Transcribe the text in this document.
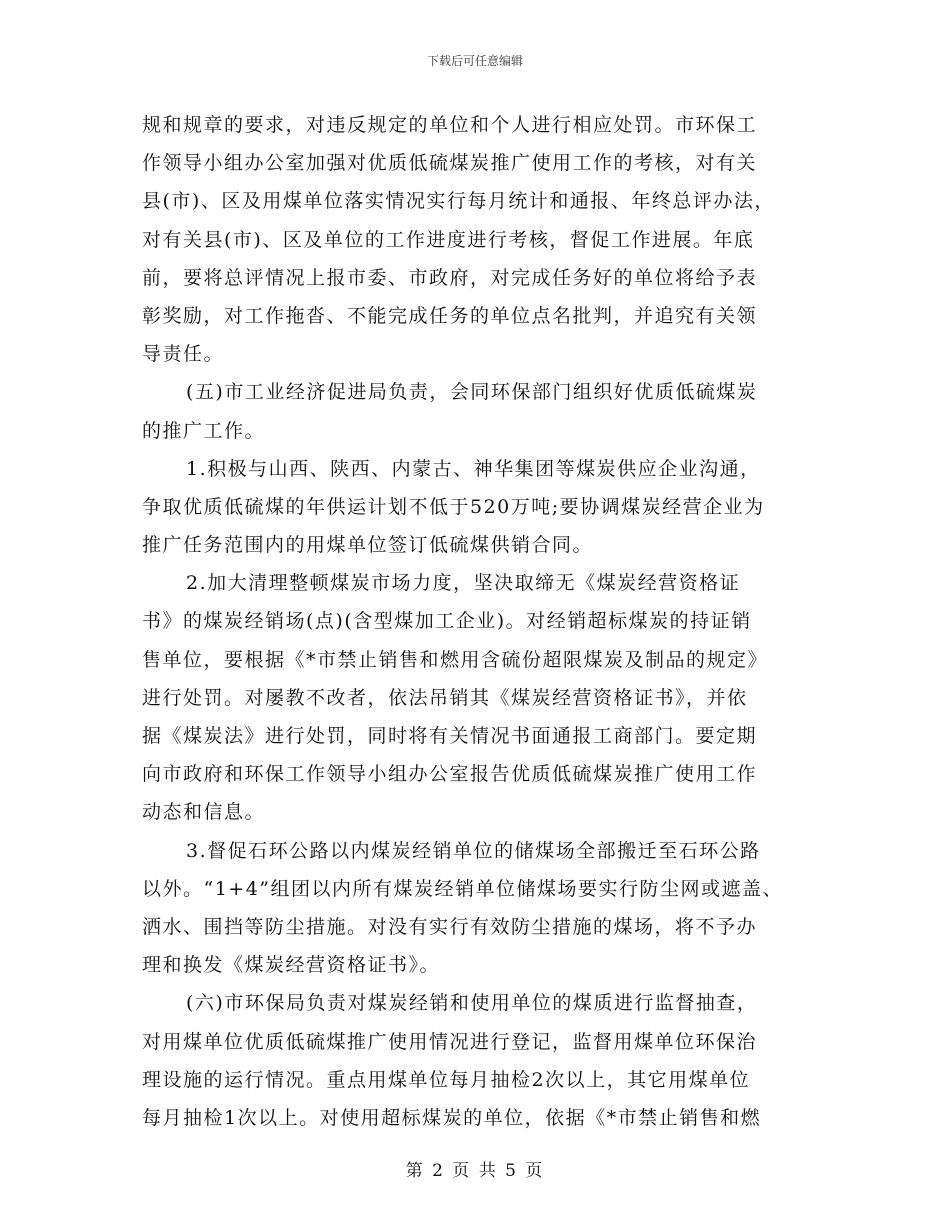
下载后可任意编辑
规和规章的要求，对违反规定的单位和个人进行相应处罚。市环保工
作领导小组办公室加强对优质低硫煤炭推广使用工作的考核，对有关
县(市)、区及用煤单位落实情况实行每月统计和通报、年终总评办法，
对有关县(市)、区及单位的工作进度进行考核，督促工作进展。年底
前，要将总评情况上报市委、市政府，对完成任务好的单位将给予表
彰奖励，对工作拖沓、不能完成任务的单位点名批判，并追究有关领
导责任。
(五)市工业经济促进局负责，会同环保部门组织好优质低硫煤炭
的推广工作。
1.积极与山西、陕西、内蒙古、神华集团等煤炭供应企业沟通，
争取优质低硫煤的年供运计划不低于520万吨;要协调煤炭经营企业为
推广任务范围内的用煤单位签订低硫煤供销合同。
2.加大清理整顿煤炭市场力度，坚决取缔无《煤炭经营资格证
书》的煤炭经销场(点)(含型煤加工企业)。对经销超标煤炭的持证销
售单位，要根据《*市禁止销售和燃用含硫份超限煤炭及制品的规定》
进行处罚。对屡教不改者，依法吊销其《煤炭经营资格证书》，并依
据《煤炭法》进行处罚，同时将有关情况书面通报工商部门。要定期
向市政府和环保工作领导小组办公室报告优质低硫煤炭推广使用工作
动态和信息。
3.督促石环公路以内煤炭经销单位的储煤场全部搬迁至石环公路
以外。“1+4”组团以内所有煤炭经销单位储煤场要实行防尘网或遮盖、
洒水、围挡等防尘措施。对没有实行有效防尘措施的煤场，将不予办
理和换发《煤炭经营资格证书》。
(六)市环保局负责对煤炭经销和使用单位的煤质进行监督抽查，
对用煤单位优质低硫煤推广使用情况进行登记，监督用煤单位环保治
理设施的运行情况。重点用煤单位每月抽检2次以上，其它用煤单位
每月抽检1次以上。对使用超标煤炭的单位，依据《*市禁止销售和燃
第 2 页 共 5 页
